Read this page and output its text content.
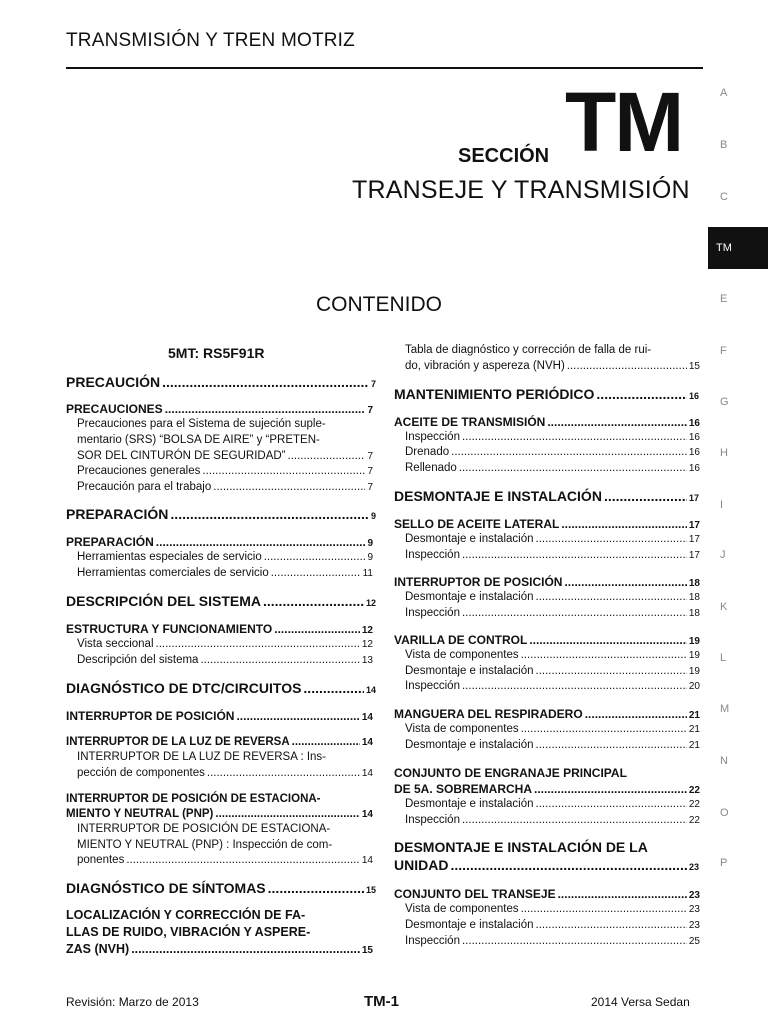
TRANSMISIÓN Y TREN MOTRIZ
SECCIÓN TM
TRANSEJE Y TRANSMISIÓN
CONTENIDO
A
B
C
TM
E
F
G
H
I
J
K
L
M
N
O
P
5MT: RS5F91R
PRECAUCIÓN .....	7
PRECAUCIONES .....	7
Precauciones para el Sistema de sujeción suple-
mentario (SRS) “BOLSA DE AIRE” y “PRETEN-
SOR DEL CINTURÓN DE SEGURIDAD” .....	7
Precauciones generales .....	7
Precaución para el trabajo .....	7
PREPARACIÓN .....	9
PREPARACIÓN .....	9
Herramientas especiales de servicio .....	9
Herramientas comerciales de servicio .....	11
DESCRIPCIÓN DEL SISTEMA .....	12
ESTRUCTURA Y FUNCIONAMIENTO .....	12
Vista seccional .....	12
Descripción del sistema .....	13
DIAGNÓSTICO DE DTC/CIRCUITOS .....	14
INTERRUPTOR DE POSICIÓN .....	14
INTERRUPTOR DE LA LUZ DE REVERSA .....	14
INTERRUPTOR DE LA LUZ DE REVERSA : Ins-
pección de componentes .....	14
INTERRUPTOR DE POSICIÓN DE ESTACIONA-
MIENTO Y NEUTRAL (PNP) .....	14
INTERRUPTOR DE POSICIÓN DE ESTACIONA-
MIENTO Y NEUTRAL (PNP) : Inspección de com-
ponentes .....	14
DIAGNÓSTICO DE SÍNTOMAS .....	15
LOCALIZACIÓN Y CORRECCIÓN DE FA-
LLAS DE RUIDO, VIBRACIÓN Y ASPERE-
ZAS (NVH) .....	15
Tabla de diagnóstico y corrección de falla de rui-
do, vibración y aspereza (NVH) .....	15
MANTENIMIENTO PERIÓDICO .....	16
ACEITE DE TRANSMISIÓN .....	16
Inspección .....	16
Drenado .....	16
Rellenado .....	16
DESMONTAJE E INSTALACIÓN .....	17
SELLO DE ACEITE LATERAL .....	17
Desmontaje e instalación .....	17
Inspección .....	17
INTERRUPTOR DE POSICIÓN .....	18
Desmontaje e instalación .....	18
Inspección .....	18
VARILLA DE CONTROL .....	19
Vista de componentes .....	19
Desmontaje e instalación .....	19
Inspección .....	20
MANGUERA DEL RESPIRADERO .....	21
Vista de componentes .....	21
Desmontaje e instalación .....	21
CONJUNTO DE ENGRANAJE PRINCIPAL
DE 5A. SOBREMARCHA .....	22
Desmontaje e instalación .....	22
Inspección .....	22
DESMONTAJE E INSTALACIÓN DE LA
UNIDAD .....	23
CONJUNTO DEL TRANSEJE .....	23
Vista de componentes .....	23
Desmontaje e instalación .....	23
Inspección .....	25
Revisión: Marzo de 2013	TM-1	2014 Versa Sedan
